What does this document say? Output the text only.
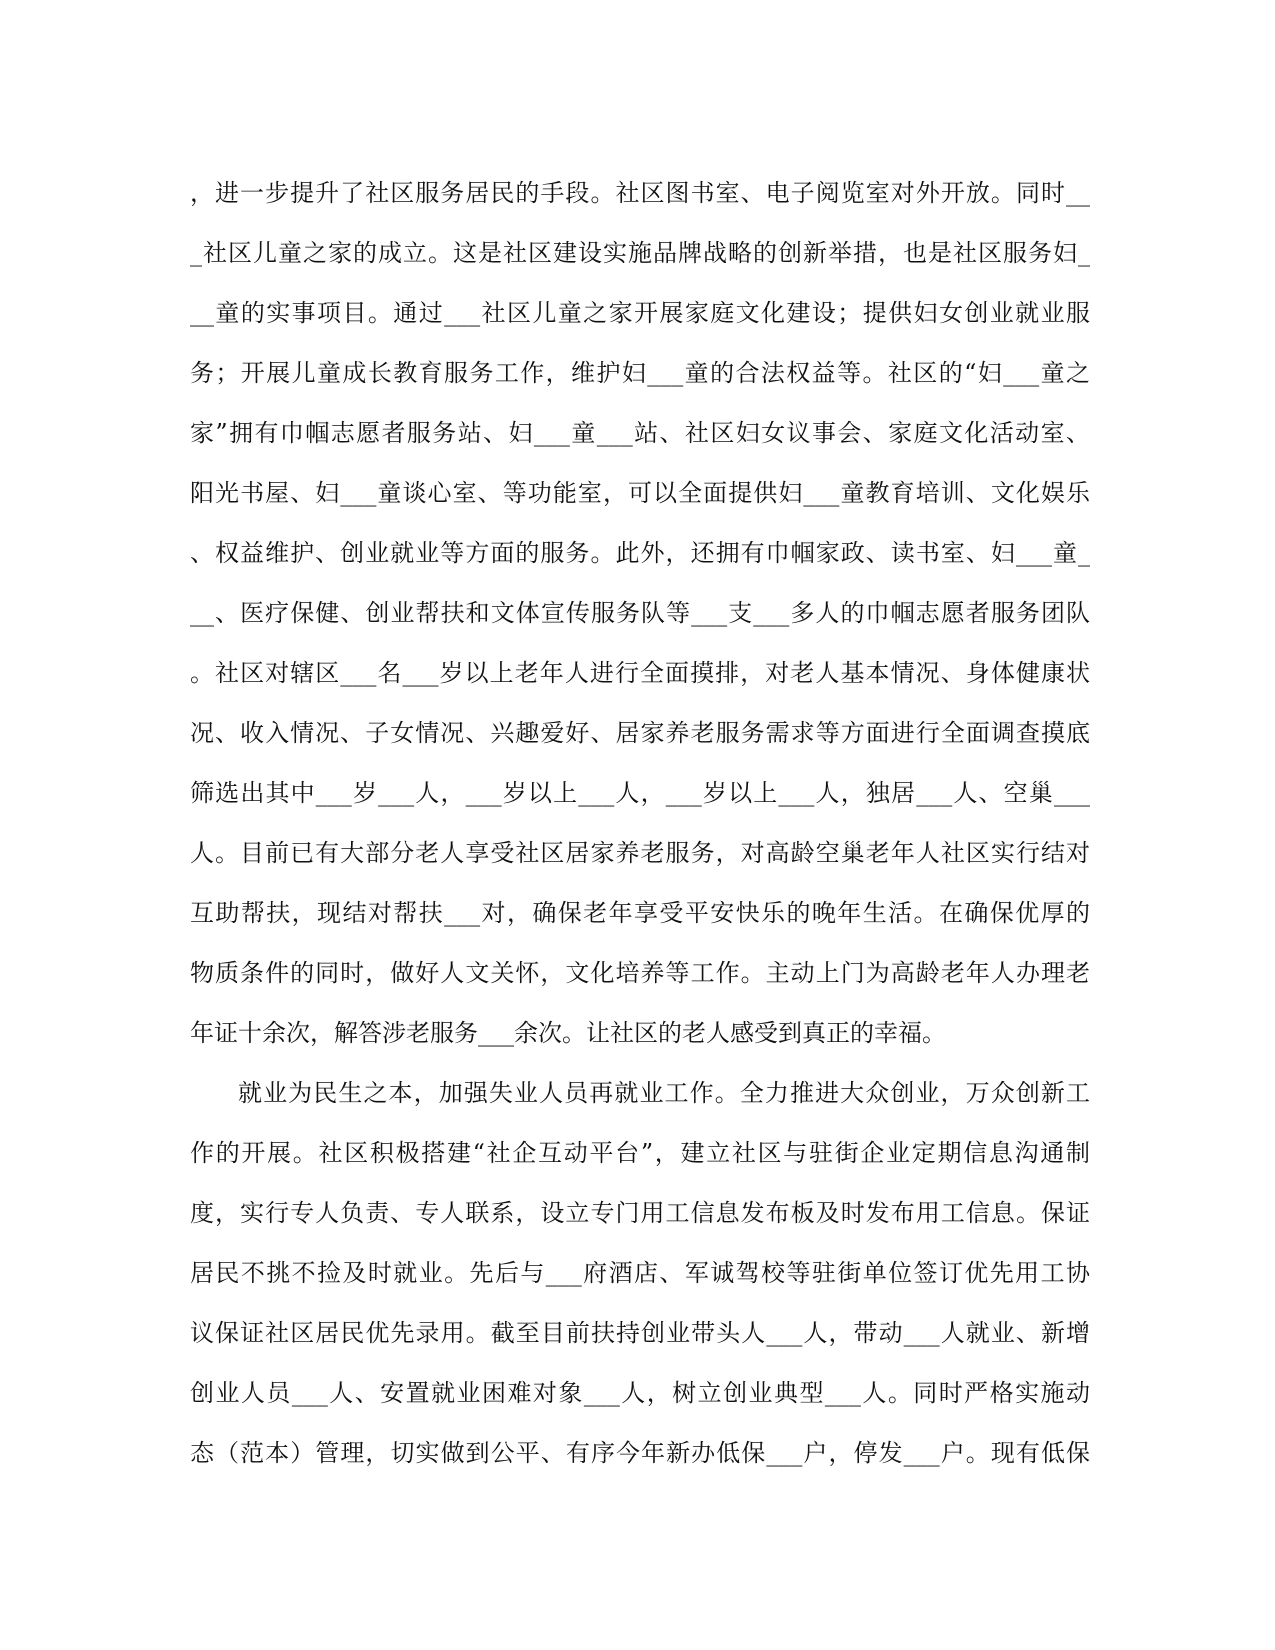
，进一步提升了社区服务居民的手段。社区图书室、电子阅览室对外开放。同时__
_社区儿童之家的成立。这是社区建设实施品牌战略的创新举措，也是社区服务妇_
__童的实事项目。通过___社区儿童之家开展家庭文化建设；提供妇女创业就业服
务；开展儿童成长教育服务工作，维护妇___童的合法权益等。社区的“妇___童之
家”拥有巾帼志愿者服务站、妇___童___站、社区妇女议事会、家庭文化活动室、
阳光书屋、妇___童谈心室、等功能室，可以全面提供妇___童教育培训、文化娱乐
、权益维护、创业就业等方面的服务。此外，还拥有巾帼家政、读书室、妇___童_
__、医疗保健、创业帮扶和文体宣传服务队等___支___多人的巾帼志愿者服务团队
。社区对辖区___名___岁以上老年人进行全面摸排，对老人基本情况、身体健康状
况、收入情况、子女情况、兴趣爱好、居家养老服务需求等方面进行全面调查摸底
筛选出其中___岁___人，___岁以上___人，___岁以上___人，独居___人、空巢___
人。目前已有大部分老人享受社区居家养老服务，对高龄空巢老年人社区实行结对
互助帮扶，现结对帮扶___对，确保老年享受平安快乐的晚年生活。在确保优厚的
物质条件的同时，做好人文关怀，文化培养等工作。主动上门为高龄老年人办理老
年证十余次，解答涉老服务___余次。让社区的老人感受到真正的幸福。
就业为民生之本，加强失业人员再就业工作。全力推进大众创业，万众创新工
作的开展。社区积极搭建“社企互动平台”，建立社区与驻街企业定期信息沟通制
度，实行专人负责、专人联系，设立专门用工信息发布板及时发布用工信息。保证
居民不挑不捡及时就业。先后与___府酒店、军诚驾校等驻街单位签订优先用工协
议保证社区居民优先录用。截至目前扶持创业带头人___人，带动___人就业、新增
创业人员___人、安置就业困难对象___人，树立创业典型___人。同时严格实施动
态（范本）管理，切实做到公平、有序今年新办低保___户，停发___户。现有低保
